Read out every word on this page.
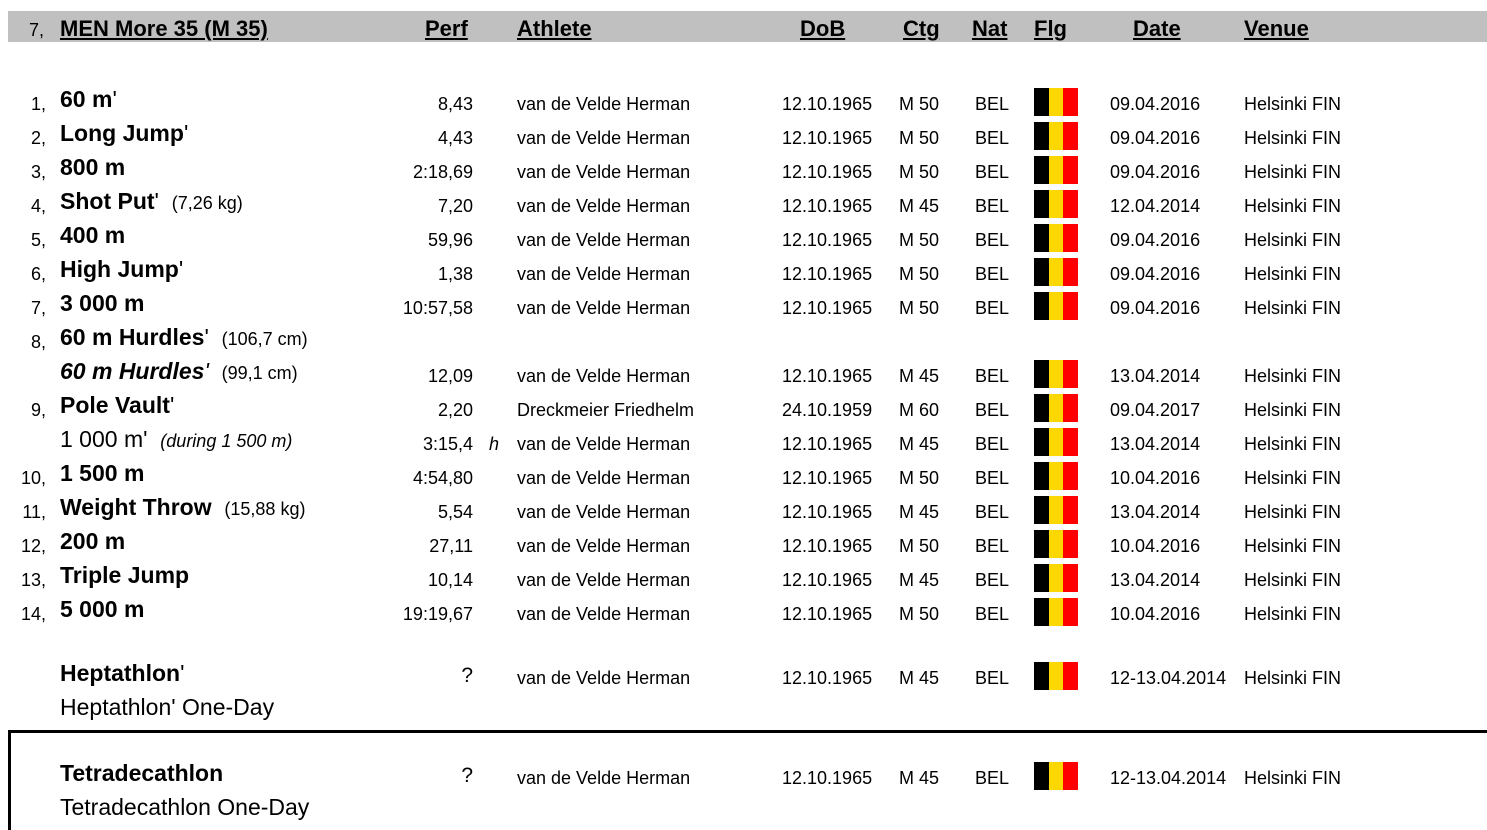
7, MEN More 35 (M 35)	Perf Athlete	DoB	Ctg Nat Flg	Date	Venue
1, 60 m'	8,43 van de Velde Herman	12.10.1965 M 50 BEL	09.04.2016 Helsinki FIN
2, Long Jump'	4,43 van de Velde Herman	12.10.1965 M 50 BEL	09.04.2016 Helsinki FIN
3, 800 m	2:18,69 van de Velde Herman	12.10.1965 M 50 BEL	09.04.2016 Helsinki FIN
4, Shot Put' (7,26 kg)	7,20 van de Velde Herman	12.10.1965 M 45 BEL	12.04.2014 Helsinki FIN
5, 400 m	59,96 van de Velde Herman	12.10.1965 M 50 BEL	09.04.2016 Helsinki FIN
6, High Jump'	1,38 van de Velde Herman	12.10.1965 M 50 BEL	09.04.2016 Helsinki FIN
7, 3 000 m	10:57,58 van de Velde Herman	12.10.1965 M 50 BEL	09.04.2016 Helsinki FIN
8, 60 m Hurdles' (106,7 cm)
60 m Hurdles' (99,1 cm)	12,09 van de Velde Herman	12.10.1965 M 45 BEL	13.04.2014 Helsinki FIN
9, Pole Vault'	2,20 Dreckmeier Friedhelm	24.10.1959 M 60 BEL	09.04.2017 Helsinki FIN
1 000 m' (during 1 500 m)	3:15,4 h van de Velde Herman	12.10.1965 M 45 BEL	13.04.2014 Helsinki FIN
10, 1 500 m	4:54,80 van de Velde Herman	12.10.1965 M 50 BEL	10.04.2016 Helsinki FIN
11, Weight Throw (15,88 kg)	5,54 van de Velde Herman	12.10.1965 M 45 BEL	13.04.2014 Helsinki FIN
12, 200 m	27,11 van de Velde Herman	12.10.1965 M 50 BEL	10.04.2016 Helsinki FIN
13, Triple Jump	10,14 van de Velde Herman	12.10.1965 M 45 BEL	13.04.2014 Helsinki FIN
14, 5 000 m	19:19,67 van de Velde Herman	12.10.1965 M 50 BEL	10.04.2016 Helsinki FIN
Heptathlon'	? van de Velde Herman	12.10.1965 M 45 BEL	12-13.04.2014 Helsinki FIN
Tetradecathlon	? van de Velde Herman	12.10.1965 M 45 BEL	12-13.04.2014 Helsinki FIN
Heptathlon' One-Day
Tetradecathlon One-Day
